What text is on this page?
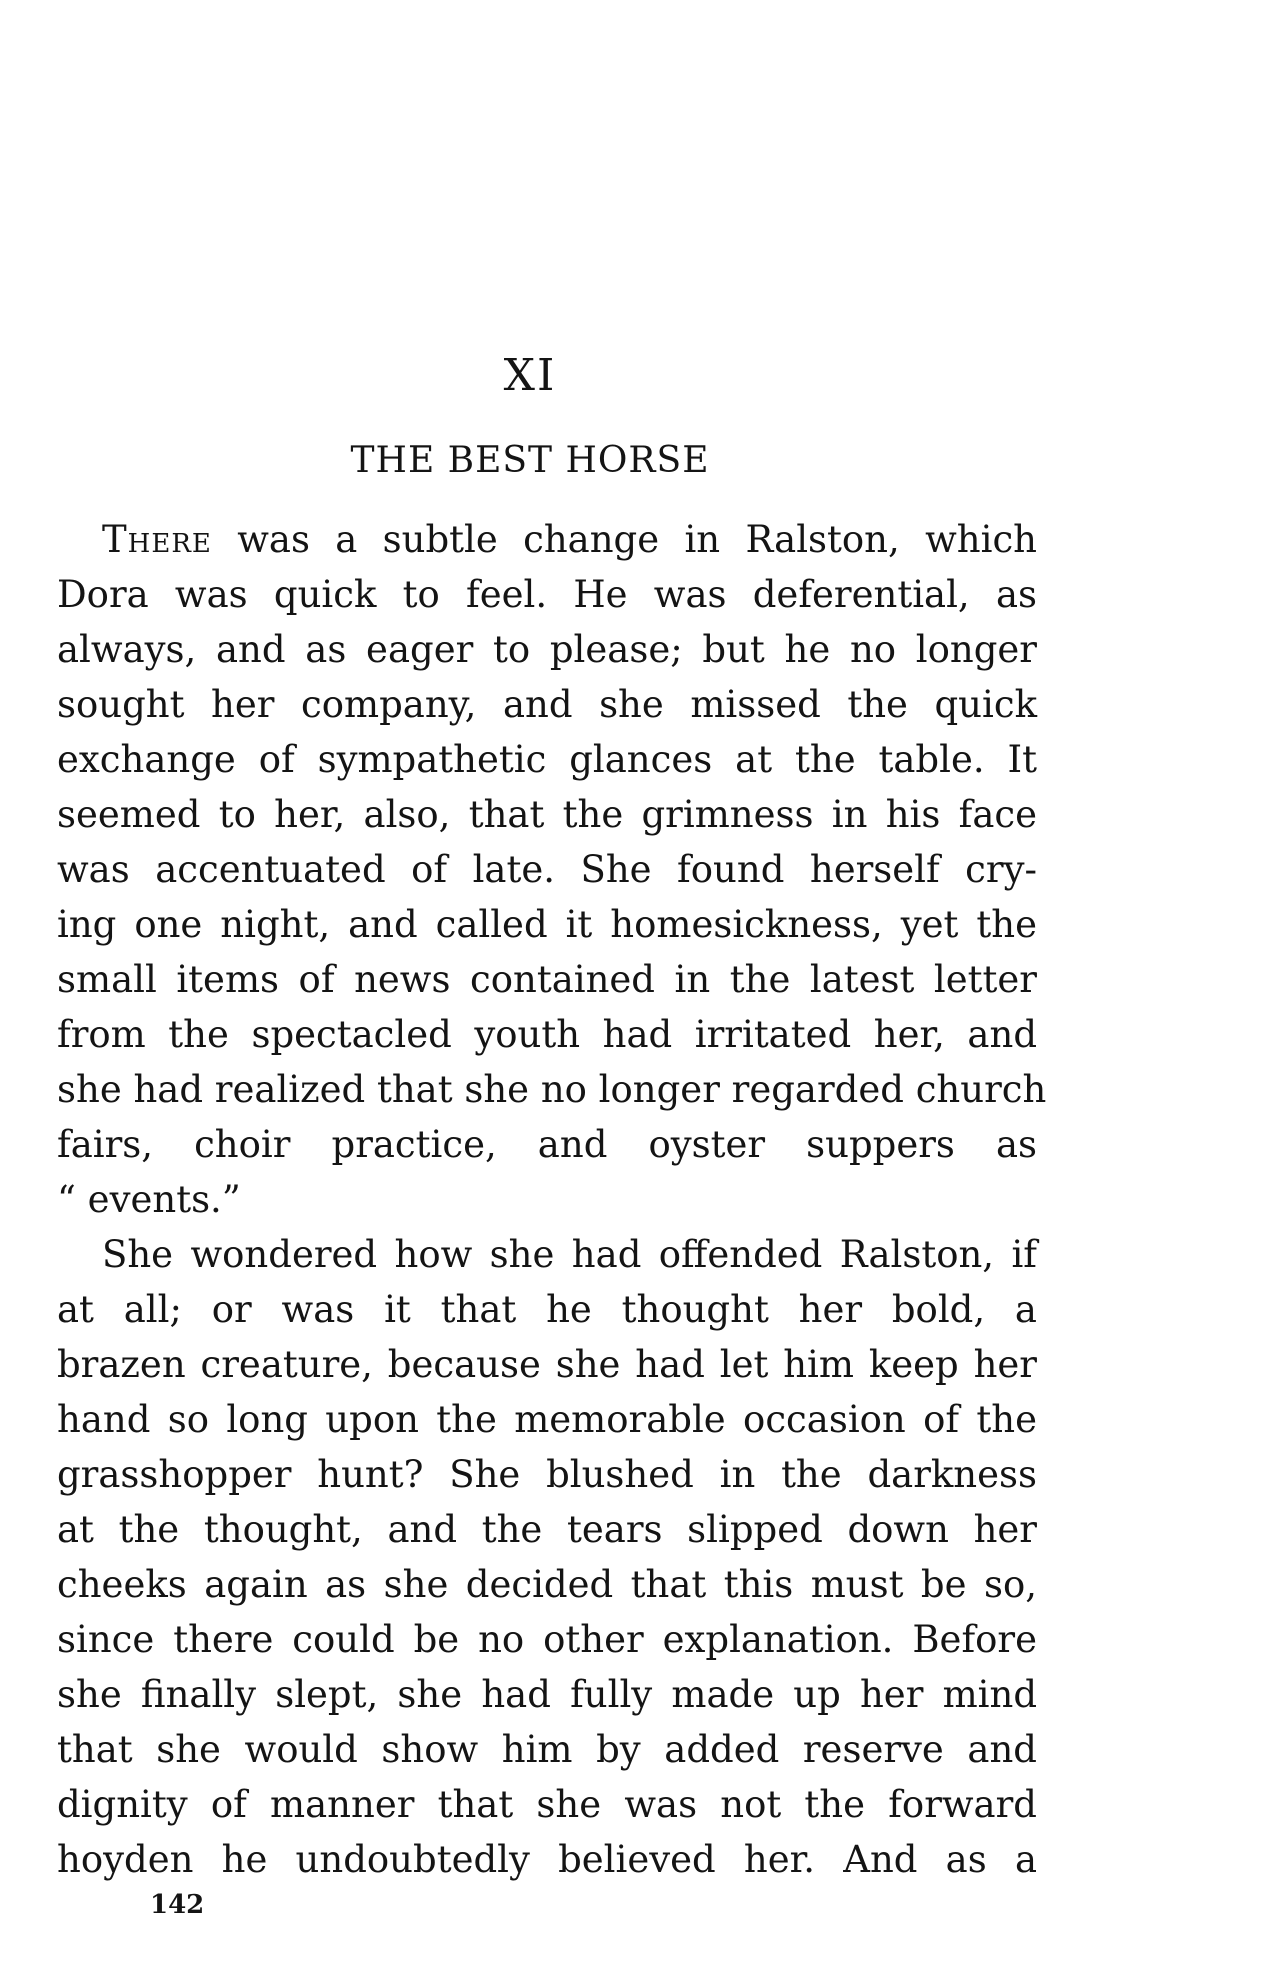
XI
THE BEST HORSE
There was a subtle change in Ralston, which
Dora was quick to feel. He was deferential, as
always, and as eager to please; but he no longer
sought her company, and she missed the quick
exchange of sympathetic glances at the table. It
seemed to her, also, that the grimness in his face
was accentuated of late. She found herself cry-
ing one night, and called it homesickness, yet the
small items of news contained in the latest letter
from the spectacled youth had irritated her, and
she had realized that she no longer regarded church
fairs, choir practice, and oyster suppers as
“ events.”
She wondered how she had offended Ralston, if
at all; or was it that he thought her bold, a
brazen creature, because she had let him keep her
hand so long upon the memorable occasion of the
grasshopper hunt? She blushed in the darkness
at the thought, and the tears slipped down her
cheeks again as she decided that this must be so,
since there could be no other explanation. Before
she finally slept, she had fully made up her mind
that she would show him by added reserve and
dignity of manner that she was not the forward
hoyden he undoubtedly believed her. And as a
142
